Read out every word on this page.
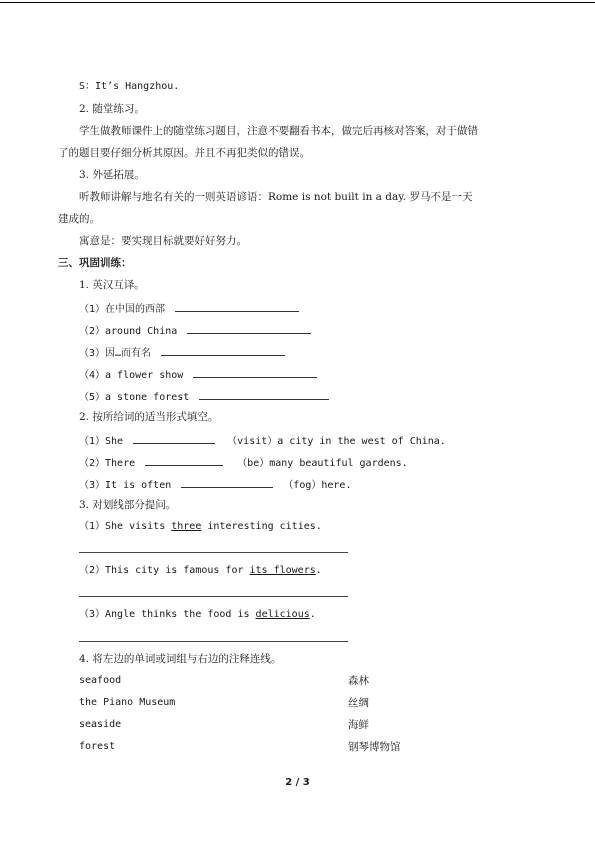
S：It’s Hangzhou.
2. 随堂练习。
学生做教师课件上的随堂练习题目，注意不要翻看书本，做完后再核对答案，对于做错
了的题目要仔细分析其原因。并且不再犯类似的错误。
3. 外延拓展。
听教师讲解与地名有关的一则英语谚语：Rome is not built in a day. 罗马不是一天
建成的。
寓意是：要实现目标就要好好努力。
三、巩固训练：
1. 英汉互译。
（1）在中国的西部
（2）around China
（3）因…而有名
（4）a flower show
（5）a stone forest
2. 按所给词的适当形式填空。
（1）She	（visit）a city in the west of China.
（2）There	（be）many beautiful gardens.
（3）It is often	（fog）here.
3. 对划线部分提问。
（1）She visits three interesting cities.
（2）This city is famous for its flowers.
（3）Angle thinks the food is delicious.
4. 将左边的单词或词组与右边的注释连线。
seafood	森林
the Piano Museum	丝绸
seaside	海鲜
forest	钢琴博物馆
2 / 3
